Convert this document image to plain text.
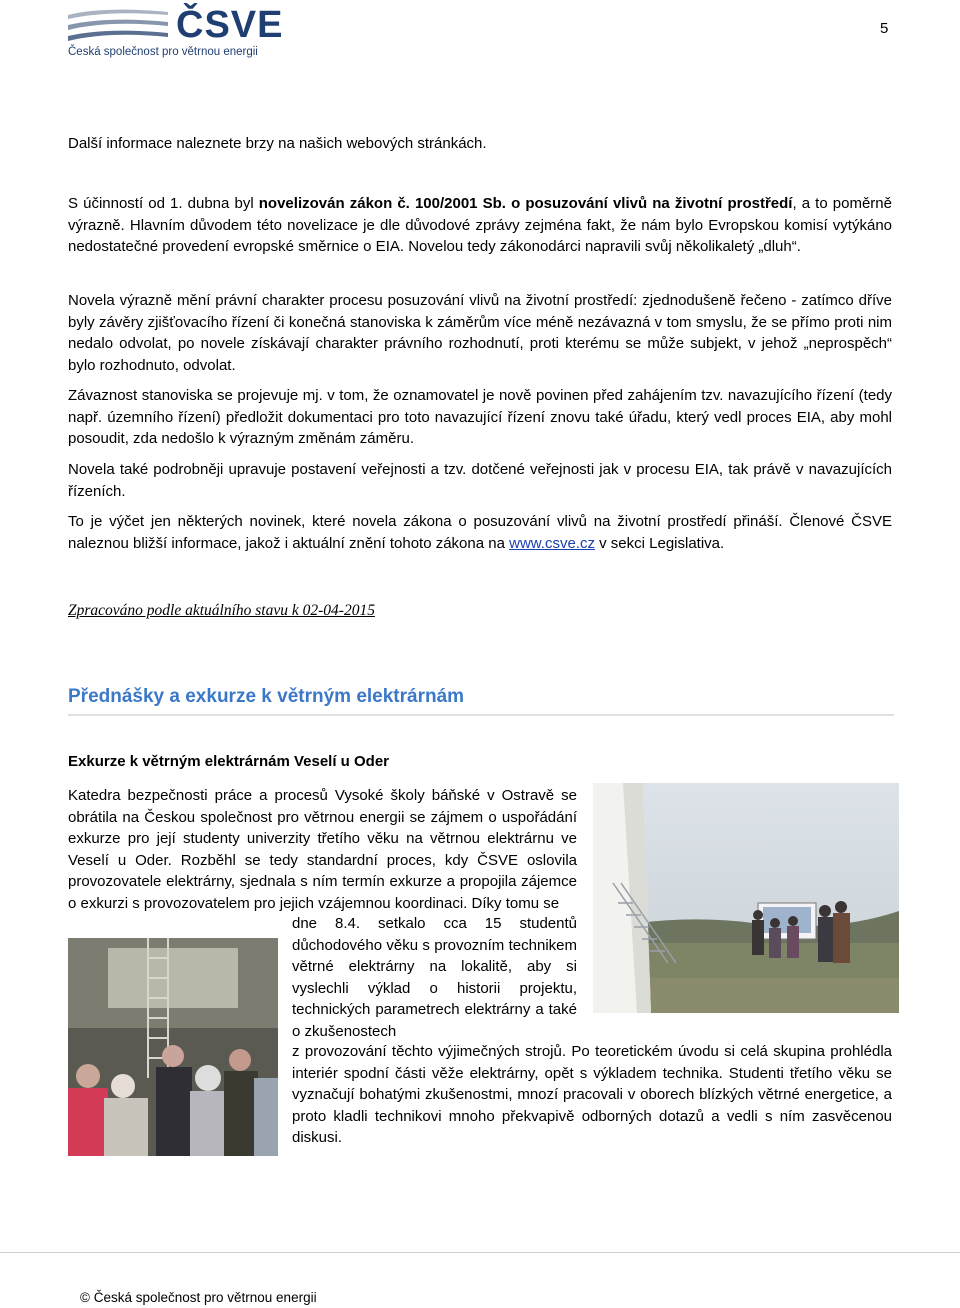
ČSVE
Česká společnost pro větrnou energii
5

Další informace naleznete brzy na našich webových stránkách.

S účinností od 1. dubna byl novelizován zákon č. 100/2001 Sb. o posuzování vlivů na životní prostředí, a to poměrně výrazně. Hlavním důvodem této novelizace je dle důvodové zprávy zejména fakt, že nám bylo Evropskou komisí vytýkáno nedostatečné provedení evropské směrnice o EIA. Novelou tedy zákonodárci napravili svůj několikaletý „dluh“.

Novela výrazně mění právní charakter procesu posuzování vlivů na životní prostředí: zjednodušeně řečeno - zatímco dříve byly závěry zjišťovacího řízení či konečná stanoviska k záměrům více méně nezávazná v tom smyslu, že se přímo proti nim nedalo odvolat, po novele získávají charakter právního rozhodnutí, proti kterému se může subjekt, v jehož „neprospěch“ bylo rozhodnuto, odvolat.

Závaznost stanoviska se projevuje mj. v tom, že oznamovatel je nově povinen před zahájením tzv. navazujícího řízení (tedy např. územního řízení) předložit dokumentaci pro toto navazující řízení znovu také úřadu, který vedl proces EIA, aby mohl posoudit, zda nedošlo k výrazným změnám záměru.

Novela také podrobněji upravuje postavení veřejnosti a tzv. dotčené veřejnosti jak v procesu EIA, tak právě v navazujících řízeních.

To je výčet jen některých novinek, které novela zákona o posuzování vlivů na životní prostředí přináší. Členové ČSVE naleznou bližší informace, jakož i aktuální znění tohoto zákona na www.csve.cz v sekci Legislativa.

Zpracováno podle aktuálního stavu k 02-04-2015
Přednášky a exkurze k větrným elektrárnám
Exkurze k větrným elektrárnám Veselí u Oder

Katedra bezpečnosti práce a procesů Vysoké školy báňské v Ostravě se obrátila na Českou společnost pro větrnou energii se zájmem o uspořádání exkurze pro její studenty univerzity třetího věku na větrnou elektrárnu ve Veselí u Oder. Rozběhl se tedy standardní proces, kdy ČSVE oslovila provozovatele elektrárny, sjednala s ním termín exkurze a propojila zájemce o exkurzi s provozovatelem pro jejich vzájemnou koordinaci. Díky tomu se

dne 8.4. setkalo cca 15 studentů důchodového věku s provozním technikem větrné elektrárny na lokalitě, aby si vyslechli výklad o historii projektu, technických parametrech elektrárny a také o zkušenostech

z provozování těchto výjimečných strojů. Po teoretickém úvodu si celá skupina prohlédla interiér spodní části věže elektrárny, opět s výkladem technika. Studenti třetího věku se vyznačují bohatými zkušenostmi, mnozí pracovali v oborech blízkých větrné energetice, a proto kladli technikovi mnoho překvapivě odborných dotazů a vedli s ním zasvěcenou diskusi.

© Česká společnost pro větrnou energii
